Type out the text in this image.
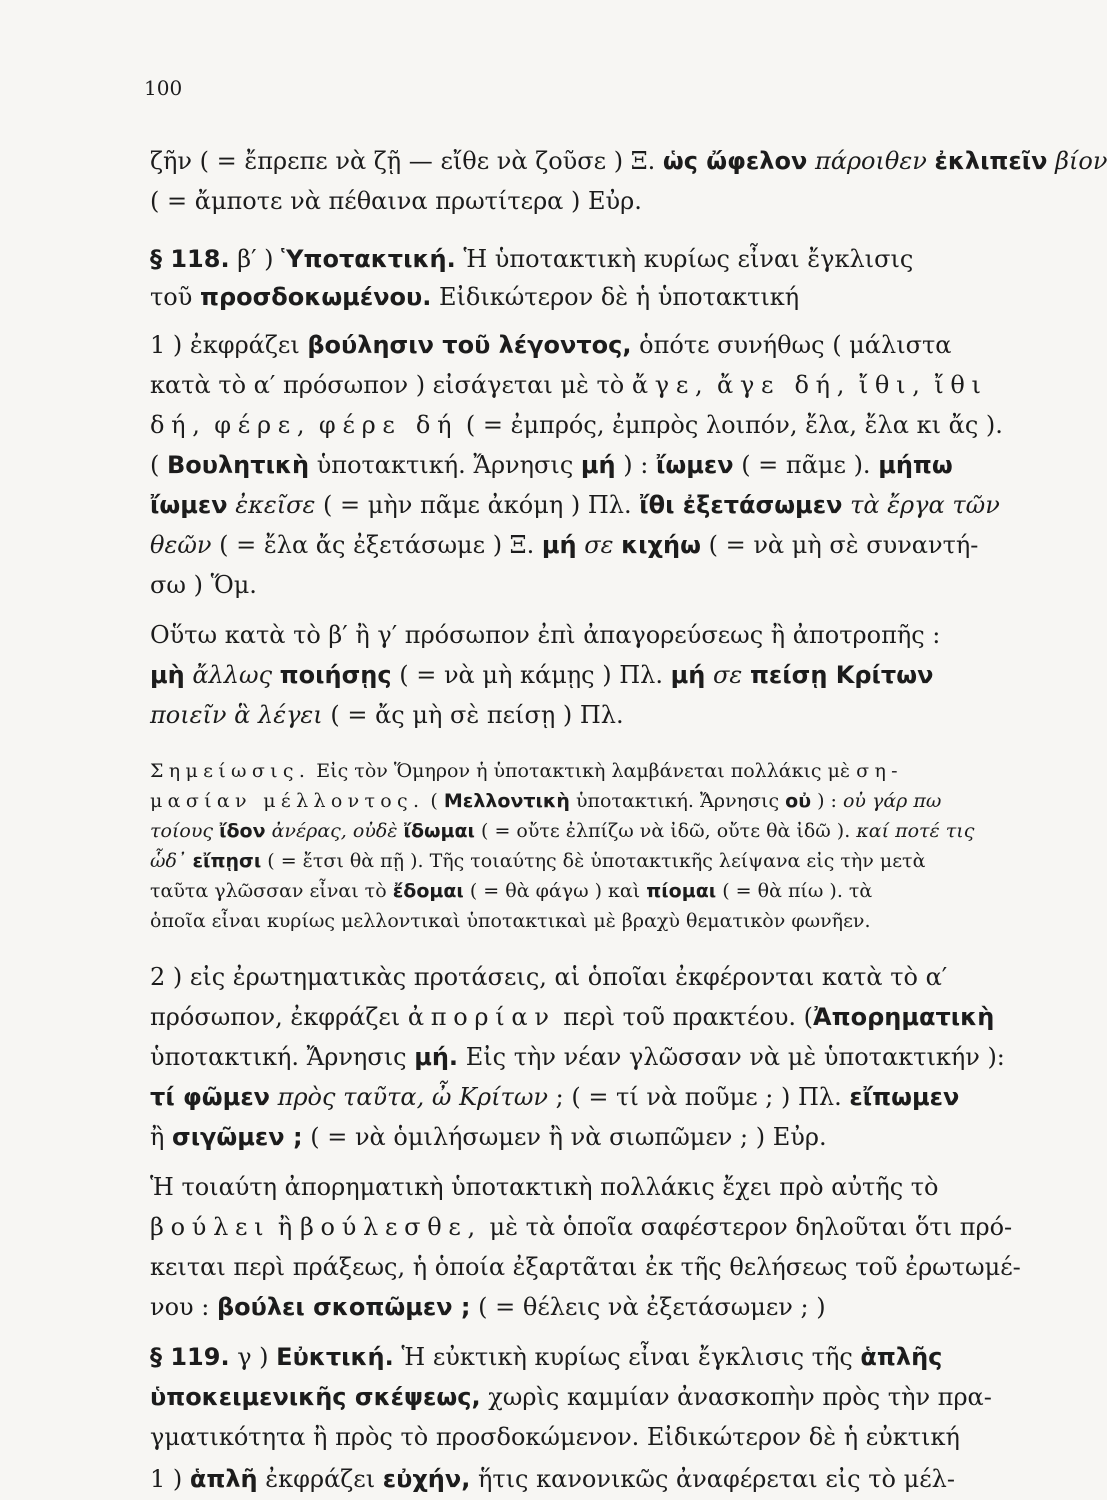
100
ζῆν ( = ἔπρεπε νὰ ζῇ — εἴθε νὰ ζοῦσε ) Ξ. ὡς ὤφελον πάροιθεν ἐκλιπεῖν βίον
( = ἄμποτε νὰ πέθαινα πρωτίτερα ) Εὐρ.
§ 118. β′ ) Ὑποτακτική. Ἡ ὑποτακτικὴ κυρίως εἶναι ἔγκλισις
τοῦ προσδοκωμένου. Εἰδικώτερον δὲ ἡ ὑποτακτική
1 ) ἐκφράζει βούλησιν τοῦ λέγοντος, ὁπότε συνήθως ( μάλιστα
κατὰ τὸ α′ πρόσωπον ) εἰσάγεται μὲ τὸ ἄγε, ἄγε δή, ἴθι, ἴθι
δή, φέρε, φέρε δή ( = ἐμπρός, ἐμπρὸς λοιπόν, ἔλα, ἔλα κι ἄς ).
( Βουλητικὴ ὑποτακτική. Ἄρνησις μή ) : ἴωμεν ( = πᾶμε ). μήπω
ἴωμεν ἐκεῖσε ( = μὴν πᾶμε ἀκόμη ) Πλ. ἴθι ἐξετάσωμεν τὰ ἔργα τῶν
θεῶν ( = ἔλα ἄς ἐξετάσωμε ) Ξ. μή σε κιχήω ( = νὰ μὴ σὲ συναντή-
σω ) Ὅμ.
Οὕτω κατὰ τὸ β′ ἢ γ′ πρόσωπον ἐπὶ ἀπαγορεύσεως ἢ ἀποτροπῆς :
μὴ ἄλλως ποιήσῃς ( = νὰ μὴ κάμῃς ) Πλ. μή σε πείσῃ Κρίτων
ποιεῖν ἃ λέγει ( = ἄς μὴ σὲ πείσῃ ) Πλ.
Σημείωσις. Εἰς τὸν Ὅμηρον ἡ ὑποτακτικὴ λαμβάνεται πολλάκις μὲ ση-
μασίαν μέλλοντος. ( Μελλοντικὴ ὑποτακτική. Ἄρνησις οὐ ) : οὐ γάρ πω
τοίους ἴδον ἀνέρας, οὐδὲ ἴδωμαι ( = οὔτε ἐλπίζω νὰ ἰδῶ, οὔτε θὰ ἰδῶ ). καί ποτέ τις
ὧδ᾽ εἴπῃσι ( = ἔτσι θὰ πῇ ). Τῆς τοιαύτης δὲ ὑποτακτικῆς λείψανα εἰς τὴν μετὰ
ταῦτα γλῶσσαν εἶναι τὸ ἔδομαι ( = θὰ φάγω ) καὶ πίομαι ( = θὰ πίω ). τὰ
ὁποῖα εἶναι κυρίως μελλοντικαὶ ὑποτακτικαὶ μὲ βραχὺ θεματικὸν φωνῆεν.
2 ) εἰς ἐρωτηματικὰς προτάσεις, αἱ ὁποῖαι ἐκφέρονται κατὰ τὸ α′
πρόσωπον, ἐκφράζει ἀπορίαν περὶ τοῦ πρακτέου. (Ἀπορηματικὴ
ὑποτακτική. Ἄρνησις μή. Εἰς τὴν νέαν γλῶσσαν νὰ μὲ ὑποτακτικήν ):
τί φῶμεν πρὸς ταῦτα, ὦ Κρίτων ; ( = τί νὰ ποῦμε ; ) Πλ. εἴπωμεν
ἢ σιγῶμεν ; ( = νὰ ὁμιλήσωμεν ἢ νὰ σιωπῶμεν ; ) Εὐρ.
Ἡ τοιαύτη ἀπορηματικὴ ὑποτακτικὴ πολλάκις ἔχει πρὸ αὐτῆς τὸ
βούλει ἢ βούλεσθε, μὲ τὰ ὁποῖα σαφέστερον δηλοῦται ὅτι πρό-
κειται περὶ πράξεως, ἡ ὁποία ἐξαρτᾶται ἐκ τῆς θελήσεως τοῦ ἐρωτωμέ-
νου : βούλει σκοπῶμεν ; ( = θέλεις νὰ ἐξετάσωμεν ; )
§ 119. γ ) Εὐκτική. Ἡ εὐκτικὴ κυρίως εἶναι ἔγκλισις τῆς ἁπλῆς
ὑποκειμενικῆς σκέψεως, χωρὶς καμμίαν ἀνασκοπὴν πρὸς τὴν πρα-
γματικότητα ἢ πρὸς τὸ προσδοκώμενον. Εἰδικώτερον δὲ ἡ εὐκτική
1 ) ἁπλῆ ἐκφράζει εὐχήν, ἥτις κανονικῶς ἀναφέρεται εἰς τὸ μέλ-
